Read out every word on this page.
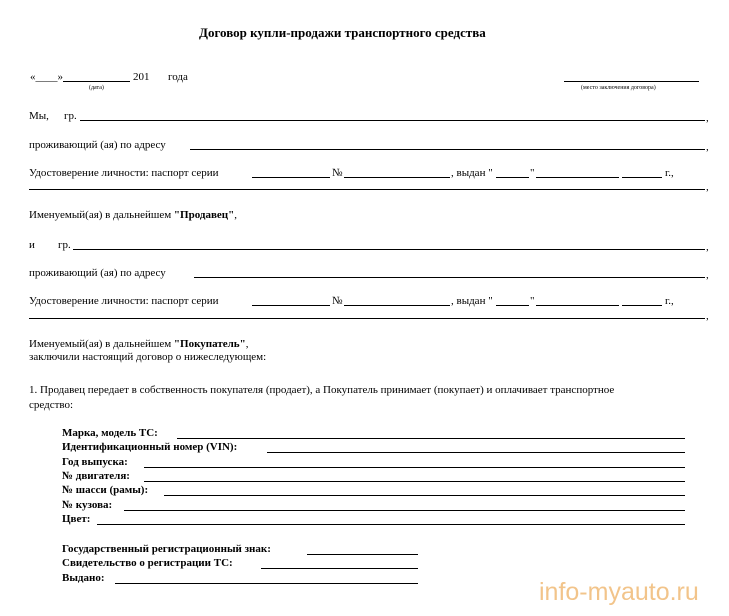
Договор купли-продажи транспортного средства
«____»	201 года
(дата)	(место заключения договора)
Мы, гр.	,
проживающий (ая) по адресу	,
Удостоверение личности: паспорт серии	№	, выдан "	"	г.,
,
Именуемый(ая) в дальнейшем "Продавец",
и гр.	,
проживающий (ая) по адресу	,
Удостоверение личности: паспорт серии	№	, выдан "	"	г.,
,
Именуемый(ая) в дальнейшем "Покупатель",
заключили настоящий договор о нижеследующем:
1. Продавец передает в собственность покупателя (продает), а Покупатель принимает (покупает) и оплачивает транспортное
средство:
Марка, модель ТС:
Идентификационный номер (VIN):
Год выпуска:
№ двигателя:
№ шасси (рамы):
№ кузова:
Цвет:
Государственный регистрационный знак:
Свидетельство о регистрации ТС:
Выдано:	info-myauto.ru
